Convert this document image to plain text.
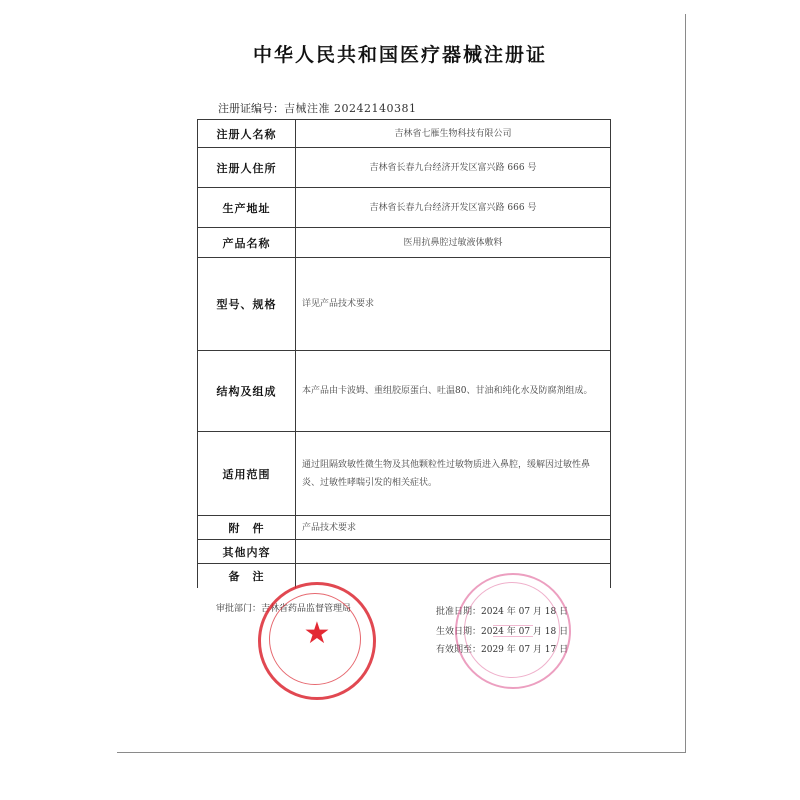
中华人民共和国医疗器械注册证
注册证编号：吉械注准 20242140381
注册人名称	吉林省七雁生物科技有限公司
注册人住所	吉林省长春九台经济开发区富兴路 666 号
生产地址	吉林省长春九台经济开发区富兴路 666 号
产品名称	医用抗鼻腔过敏液体敷料
型号、规格	详见产品技术要求
结构及组成	本产品由卡波姆、重组胶原蛋白、吐温80、甘油和纯化水及防腐剂组成。
适用范围	通过阻隔致敏性微生物及其他颗粒性过敏物质进入鼻腔，缓解因过敏性鼻炎、过敏性哮喘引发的相关症状。
附　件	产品技术要求
其他内容	
备　注	
审批部门：吉林省药品监督管理局	批准日期：2024 年 07 月 18 日
生效日期：2024 年 07 月 18 日
有效期至：2029 年 07 月 17 日
★
